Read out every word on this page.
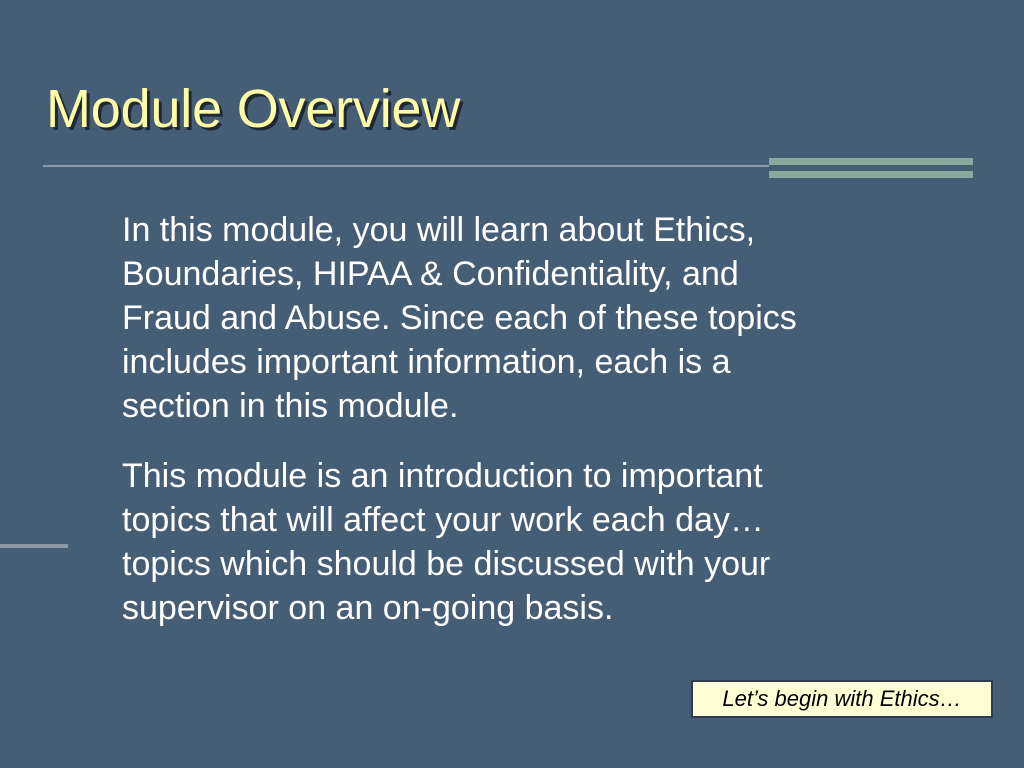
Module Overview

In this module, you will learn about Ethics,
Boundaries, HIPAA & Confidentiality, and
Fraud and Abuse. Since each of these topics
includes important information, each is a
section in this module.

This module is an introduction to important
topics that will affect your work each day…
topics which should be discussed with your
supervisor on an on-going basis.

Let’s begin with Ethics…
